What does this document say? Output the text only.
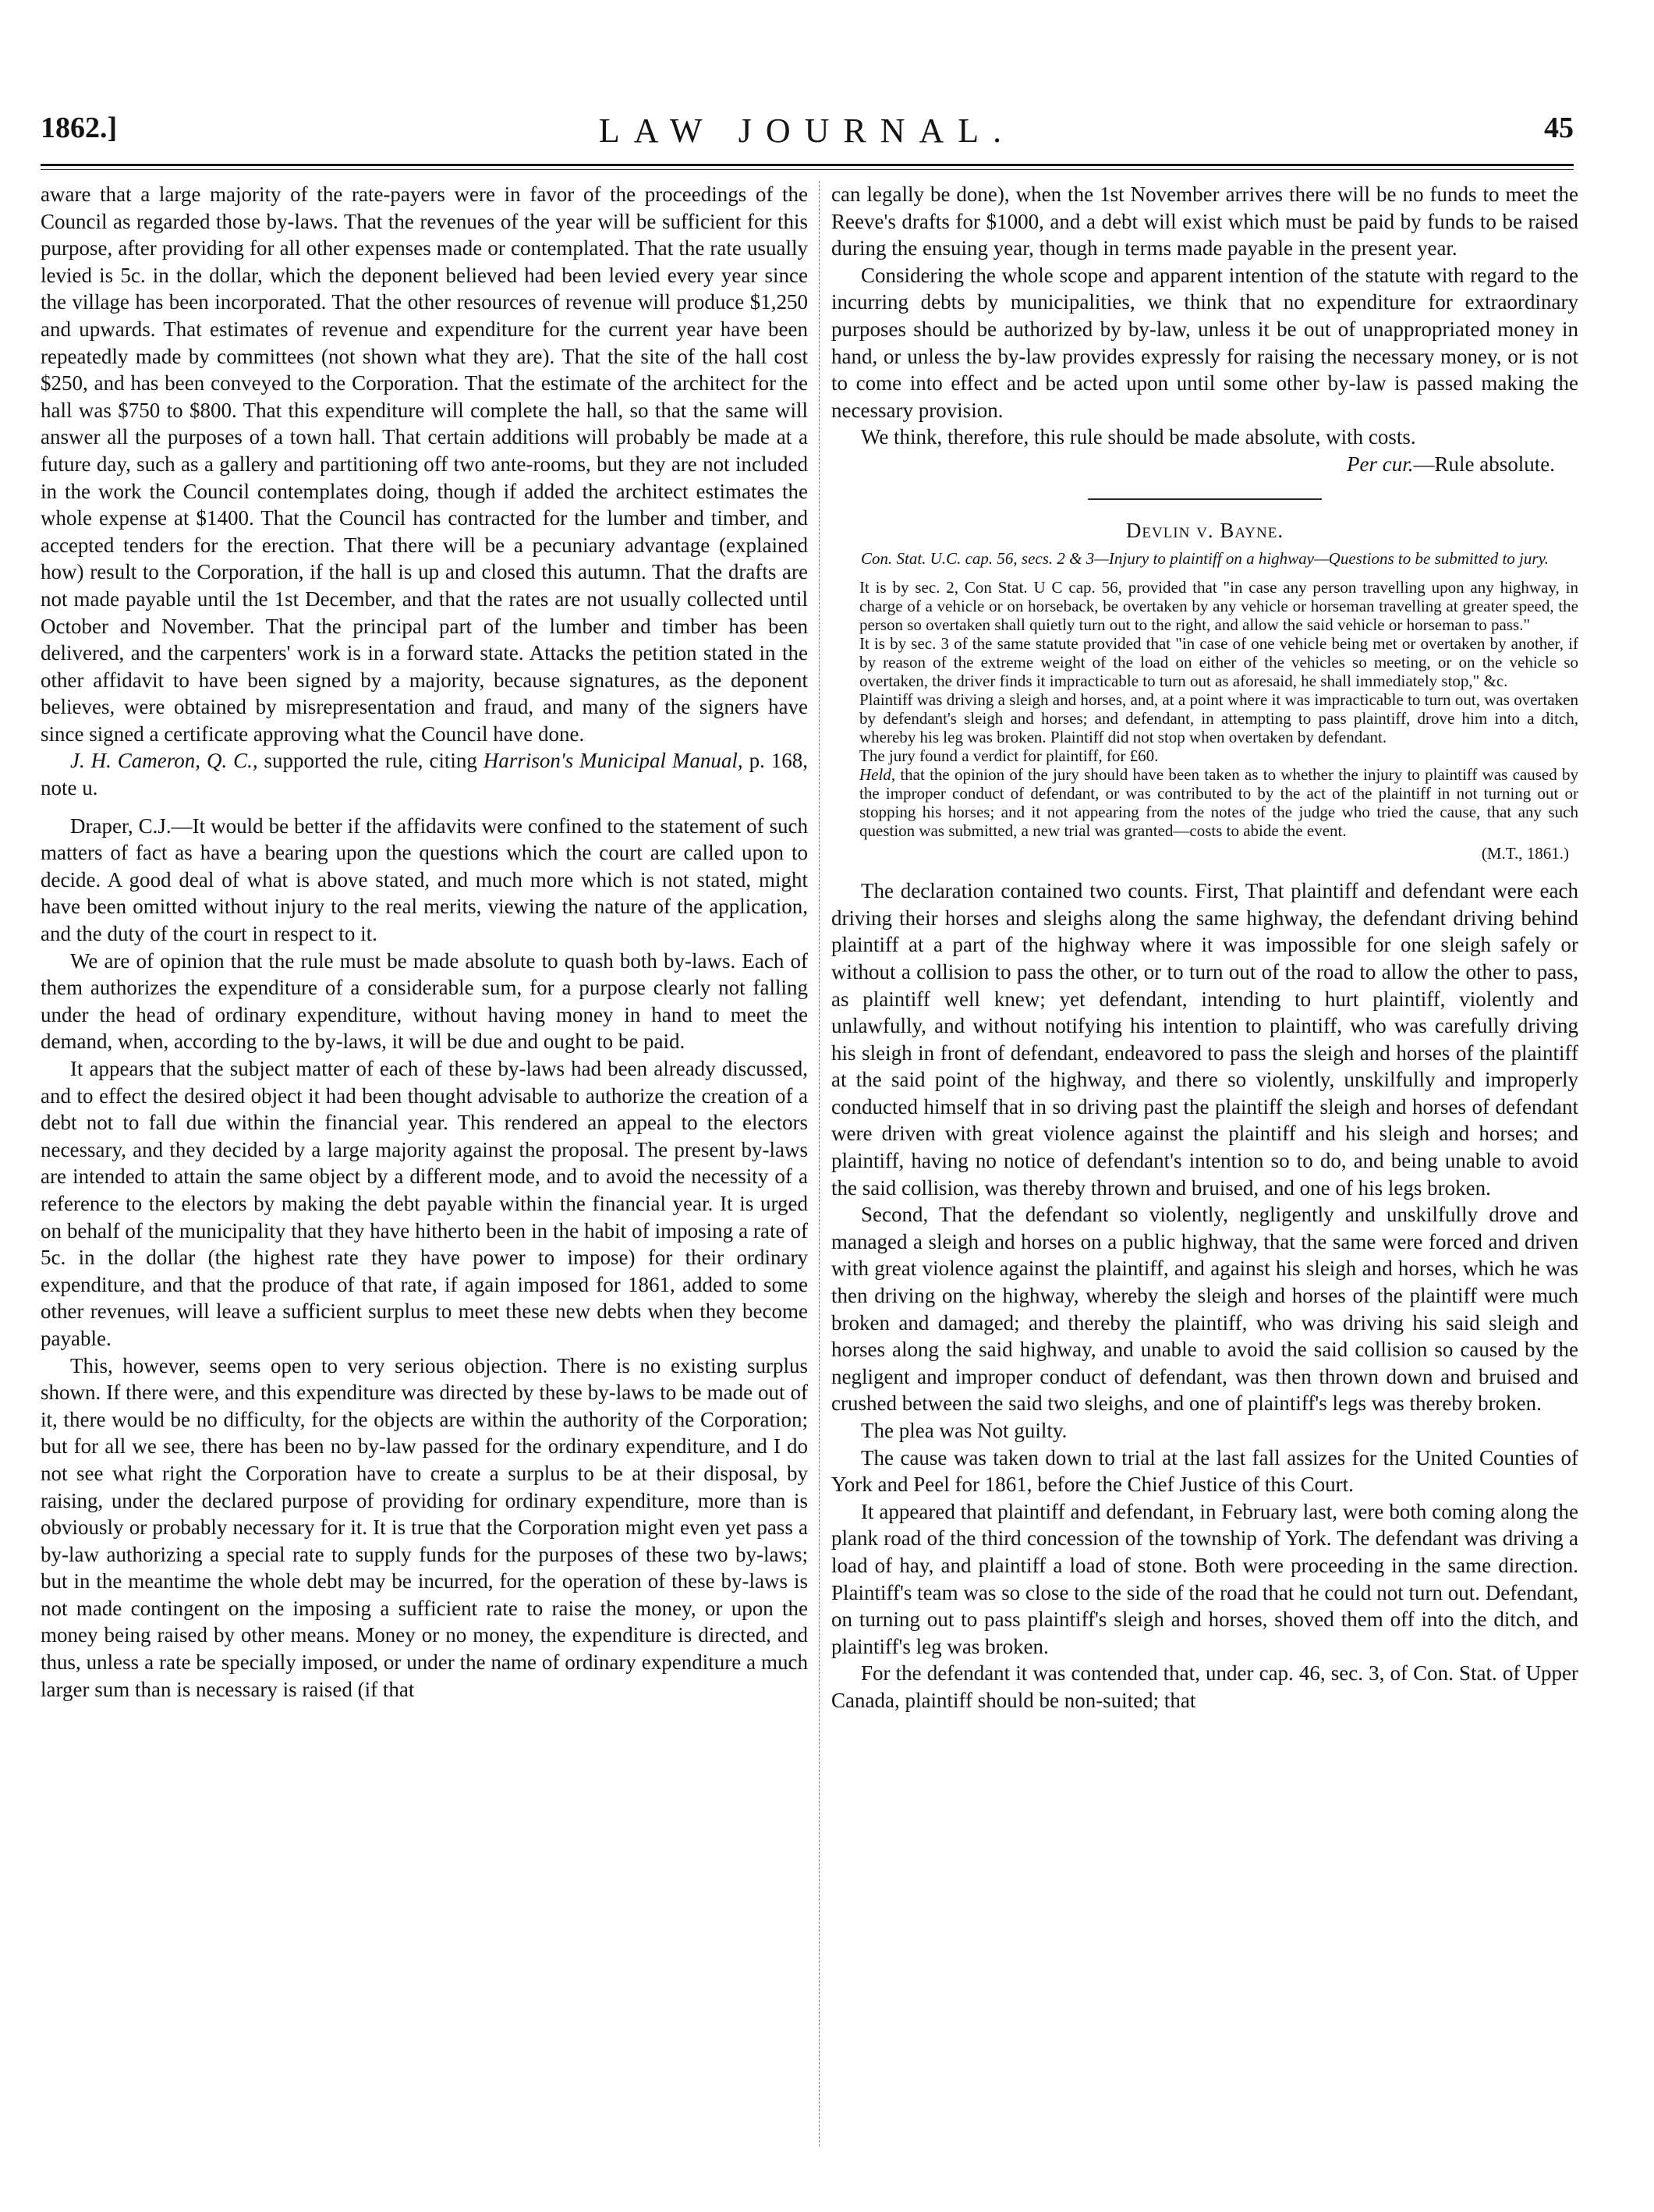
1862.]	LAW JOURNAL.	45

aware that a large majority of the rate-payers were in favor of the proceedings of the Council as regarded those by-laws. That the revenues of the year will be sufficient for this purpose, after providing for all other expenses made or contemplated. That the rate usually levied is 5c. in the dollar, which the deponent believed had been levied every year since the village has been incorporated. That the other resources of revenue will produce $1,250 and upwards. That estimates of revenue and expenditure for the current year have been repeatedly made by committees (not shown what they are). That the site of the hall cost $250, and has been conveyed to the Corporation. That the estimate of the architect for the hall was $750 to $800. That this expenditure will complete the hall, so that the same will answer all the purposes of a town hall. That certain additions will probably be made at a future day, such as a gallery and partitioning off two ante-rooms, but they are not included in the work the Council contemplates doing, though if added the architect estimates the whole expense at $1400. That the Council has contracted for the lumber and timber, and accepted tenders for the erection. That there will be a pecuniary advantage (explained how) result to the Corporation, if the hall is up and closed this autumn. That the drafts are not made payable until the 1st December, and that the rates are not usually collected until October and November. That the principal part of the lumber and timber has been delivered, and the carpenters' work is in a forward state. Attacks the petition stated in the other affidavit to have been signed by a majority, because signatures, as the deponent believes, were obtained by misrepresentation and fraud, and many of the signers have since signed a certificate approving what the Council have done.

J. H. Cameron, Q. C., supported the rule, citing Harrison's Municipal Manual, p. 168, note u.

Draper, C.J.—It would be better if the affidavits were confined to the statement of such matters of fact as have a bearing upon the questions which the court are called upon to decide. A good deal of what is above stated, and much more which is not stated, might have been omitted without injury to the real merits, viewing the nature of the application, and the duty of the court in respect to it.

We are of opinion that the rule must be made absolute to quash both by-laws. Each of them authorizes the expenditure of a considerable sum, for a purpose clearly not falling under the head of ordinary expenditure, without having money in hand to meet the demand, when, according to the by-laws, it will be due and ought to be paid.

It appears that the subject matter of each of these by-laws had been already discussed, and to effect the desired object it had been thought advisable to authorize the creation of a debt not to fall due within the financial year. This rendered an appeal to the electors necessary, and they decided by a large majority against the proposal. The present by-laws are intended to attain the same object by a different mode, and to avoid the necessity of a reference to the electors by making the debt payable within the financial year. It is urged on behalf of the municipality that they have hitherto been in the habit of imposing a rate of 5c. in the dollar (the highest rate they have power to impose) for their ordinary expenditure, and that the produce of that rate, if again imposed for 1861, added to some other revenues, will leave a sufficient surplus to meet these new debts when they become payable.

This, however, seems open to very serious objection. There is no existing surplus shown. If there were, and this expenditure was directed by these by-laws to be made out of it, there would be no difficulty, for the objects are within the authority of the Corporation; but for all we see, there has been no by-law passed for the ordinary expenditure, and I do not see what right the Corporation have to create a surplus to be at their disposal, by raising, under the declared purpose of providing for ordinary expenditure, more than is obviously or probably necessary for it. It is true that the Corporation might even yet pass a by-law authorizing a special rate to supply funds for the purposes of these two by-laws; but in the meantime the whole debt may be incurred, for the operation of these by-laws is not made contingent on the imposing a sufficient rate to raise the money, or upon the money being raised by other means. Money or no money, the expenditure is directed, and thus, unless a rate be specially imposed, or under the name of ordinary expenditure a much larger sum than is necessary is raised (if that

can legally be done), when the 1st November arrives there will be no funds to meet the Reeve's drafts for $1000, and a debt will exist which must be paid by funds to be raised during the ensuing year, though in terms made payable in the present year.

Considering the whole scope and apparent intention of the statute with regard to the incurring debts by municipalities, we think that no expenditure for extraordinary purposes should be authorized by by-law, unless it be out of unappropriated money in hand, or unless the by-law provides expressly for raising the necessary money, or is not to come into effect and be acted upon until some other by-law is passed making the necessary provision.

We think, therefore, this rule should be made absolute, with costs.

Per cur.—Rule absolute.

Devlin v. Bayne.
Con. Stat. U.C. cap. 56, secs. 2 & 3—Injury to plaintiff on a highway—Questions to be submitted to jury.

It is by sec. 2, Con Stat. U C cap. 56, provided that "in case any person travelling upon any highway, in charge of a vehicle or on horseback, be overtaken by any vehicle or horseman travelling at greater speed, the person so overtaken shall quietly turn out to the right, and allow the said vehicle or horseman to pass."

It is by sec. 3 of the same statute provided that "in case of one vehicle being met or overtaken by another, if by reason of the extreme weight of the load on either of the vehicles so meeting, or on the vehicle so overtaken, the driver finds it impracticable to turn out as aforesaid, he shall immediately stop," &c.

Plaintiff was driving a sleigh and horses, and, at a point where it was impracticable to turn out, was overtaken by defendant's sleigh and horses; and defendant, in attempting to pass plaintiff, drove him into a ditch, whereby his leg was broken. Plaintiff did not stop when overtaken by defendant.

The jury found a verdict for plaintiff, for £60.

Held, that the opinion of the jury should have been taken as to whether the injury to plaintiff was caused by the improper conduct of defendant, or was contributed to by the act of the plaintiff in not turning out or stopping his horses; and it not appearing from the notes of the judge who tried the cause, that any such question was submitted, a new trial was granted—costs to abide the event.

(M.T., 1861.)

The declaration contained two counts. First, That plaintiff and defendant were each driving their horses and sleighs along the same highway, the defendant driving behind plaintiff at a part of the highway where it was impossible for one sleigh safely or without a collision to pass the other, or to turn out of the road to allow the other to pass, as plaintiff well knew; yet defendant, intending to hurt plaintiff, violently and unlawfully, and without notifying his intention to plaintiff, who was carefully driving his sleigh in front of defendant, endeavored to pass the sleigh and horses of the plaintiff at the said point of the highway, and there so violently, unskilfully and improperly conducted himself that in so driving past the plaintiff the sleigh and horses of defendant were driven with great violence against the plaintiff and his sleigh and horses; and plaintiff, having no notice of defendant's intention so to do, and being unable to avoid the said collision, was thereby thrown and bruised, and one of his legs broken.

Second, That the defendant so violently, negligently and unskilfully drove and managed a sleigh and horses on a public highway, that the same were forced and driven with great violence against the plaintiff, and against his sleigh and horses, which he was then driving on the highway, whereby the sleigh and horses of the plaintiff were much broken and damaged; and thereby the plaintiff, who was driving his said sleigh and horses along the said highway, and unable to avoid the said collision so caused by the negligent and improper conduct of defendant, was then thrown down and bruised and crushed between the said two sleighs, and one of plaintiff's legs was thereby broken.

The plea was Not guilty.

The cause was taken down to trial at the last fall assizes for the United Counties of York and Peel for 1861, before the Chief Justice of this Court.

It appeared that plaintiff and defendant, in February last, were both coming along the plank road of the third concession of the township of York. The defendant was driving a load of hay, and plaintiff a load of stone. Both were proceeding in the same direction. Plaintiff's team was so close to the side of the road that he could not turn out. Defendant, on turning out to pass plaintiff's sleigh and horses, shoved them off into the ditch, and plaintiff's leg was broken.

For the defendant it was contended that, under cap. 46, sec. 3, of Con. Stat. of Upper Canada, plaintiff should be non-suited; that
